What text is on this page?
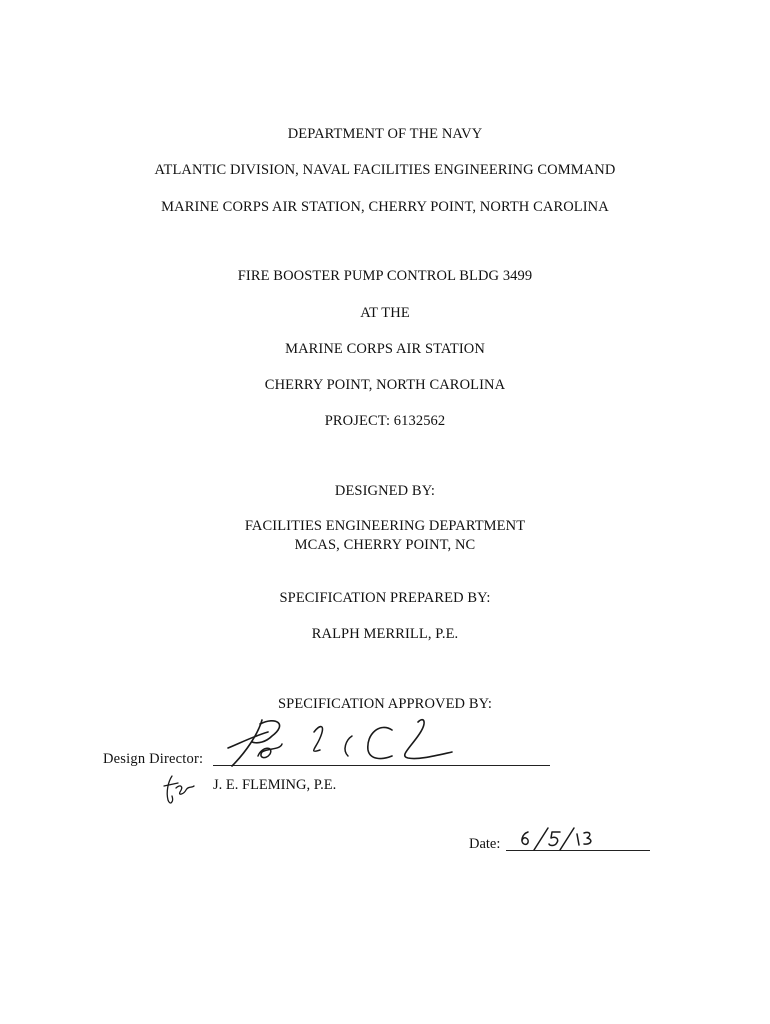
DEPARTMENT OF THE NAVY
ATLANTIC DIVISION, NAVAL FACILITIES ENGINEERING COMMAND
MARINE CORPS AIR STATION, CHERRY POINT, NORTH CAROLINA
FIRE BOOSTER PUMP CONTROL BLDG 3499
AT THE
MARINE CORPS AIR STATION
CHERRY POINT, NORTH CAROLINA
PROJECT: 6132562
DESIGNED BY:
FACILITIES ENGINEERING DEPARTMENT
MCAS, CHERRY POINT, NC
SPECIFICATION PREPARED BY:
RALPH MERRILL, P.E.
SPECIFICATION APPROVED BY:
Design Director:
J. E. FLEMING, P.E.
Date:
